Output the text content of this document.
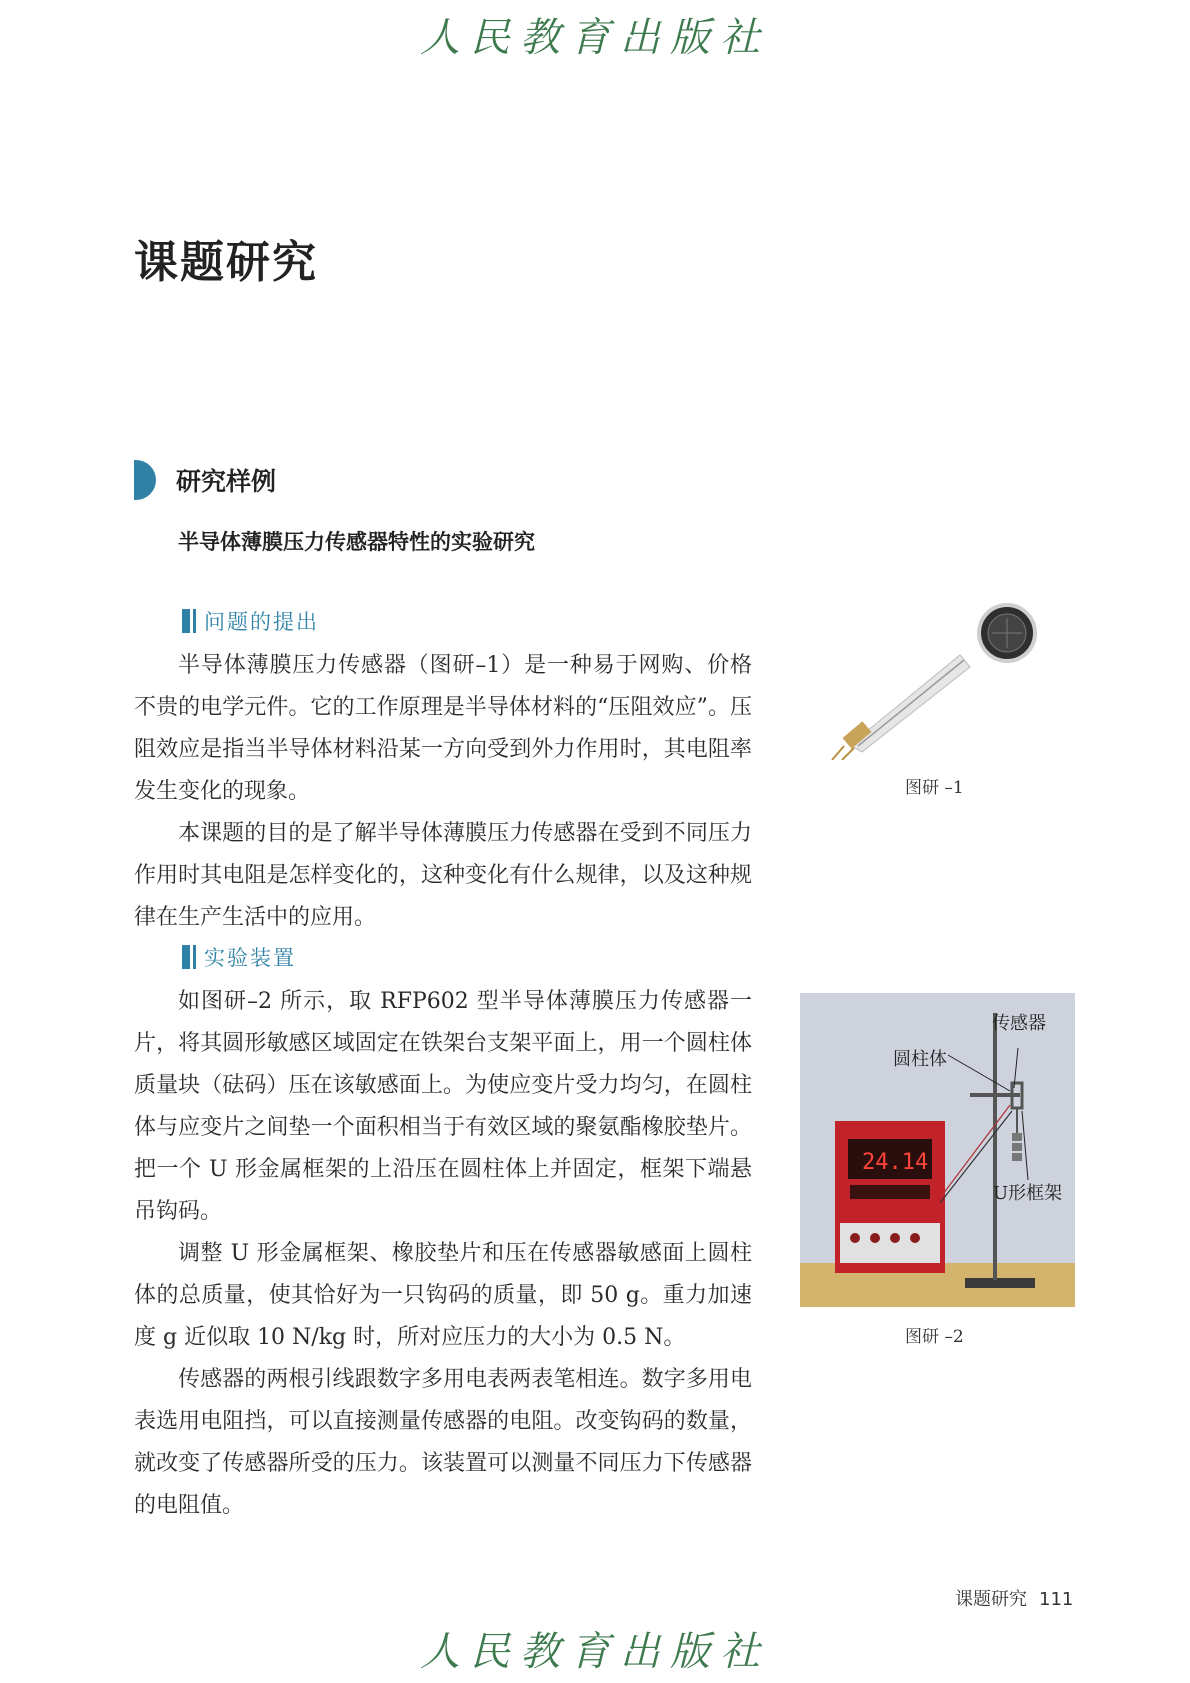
人民教育出版社
课题研究
研究样例
半导体薄膜压力传感器特性的实验研究
问题的提出

半导体薄膜压力传感器（图研–1）是一种易于网购、价格不贵的电学元件。它的工作原理是半导体材料的“压阻效应”。压阻效应是指当半导体材料沿某一方向受到外力作用时，其电阻率发生变化的现象。

本课题的目的是了解半导体薄膜压力传感器在受到不同压力作用时其电阻是怎样变化的，这种变化有什么规律，以及这种规律在生产生活中的应用。

实验装置

如图研–2 所示，取 RFP602 型半导体薄膜压力传感器一片，将其圆形敏感区域固定在铁架台支架平面上，用一个圆柱体质量块（砝码）压在该敏感面上。为使应变片受力均匀，在圆柱体与应变片之间垫一个面积相当于有效区域的聚氨酯橡胶垫片。把一个 U 形金属框架的上沿压在圆柱体上并固定，框架下端悬吊钩码。

调整 U 形金属框架、橡胶垫片和压在传感器敏感面上圆柱体的总质量，使其恰好为一只钩码的质量，即 50 g。重力加速度 g 近似取 10 N/kg 时，所对应压力的大小为 0.5 N。

传感器的两根引线跟数字多用电表两表笔相连。数字多用电表选用电阻挡，可以直接测量传感器的电阻。改变钩码的数量，就改变了传感器所受的压力。该装置可以测量不同压力下传感器的电阻值。

图研 –1
24.14
传感器
圆柱体
U形框架
图研 –2
课题研究 111
人民教育出版社
